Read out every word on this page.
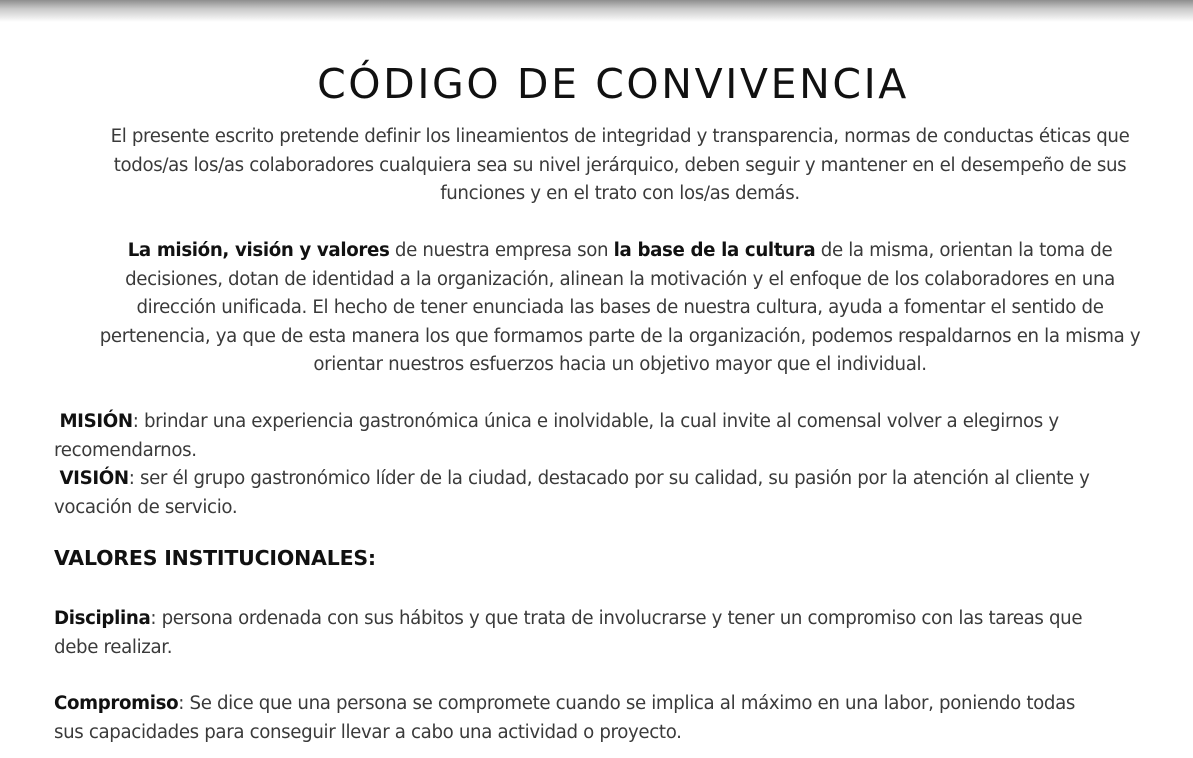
CÓDIGO DE CONVIVENCIA
El presente escrito pretende definir los lineamientos de integridad y transparencia, normas de conductas éticas que
todos/as los/as colaboradores cualquiera sea su nivel jerárquico, deben seguir y mantener en el desempeño de sus
funciones y en el trato con los/as demás.
La misión, visión y valores de nuestra empresa son la base de la cultura de la misma, orientan la toma de
decisiones, dotan de identidad a la organización, alinean la motivación y el enfoque de los colaboradores en una
dirección unificada. El hecho de tener enunciada las bases de nuestra cultura, ayuda a fomentar el sentido de
pertenencia, ya que de esta manera los que formamos parte de la organización, podemos respaldarnos en la misma y
orientar nuestros esfuerzos hacia un objetivo mayor que el individual.
MISIÓN: brindar una experiencia gastronómica única e inolvidable, la cual invite al comensal volver a elegirnos y
recomendarnos.
VISIÓN: ser él grupo gastronómico líder de la ciudad, destacado por su calidad, su pasión por la atención al cliente y
vocación de servicio.
VALORES INSTITUCIONALES:
Disciplina: persona ordenada con sus hábitos y que trata de involucrarse y tener un compromiso con las tareas que
debe realizar.
Compromiso: Se dice que una persona se compromete cuando se implica al máximo en una labor, poniendo todas
sus capacidades para conseguir llevar a cabo una actividad o proyecto.
